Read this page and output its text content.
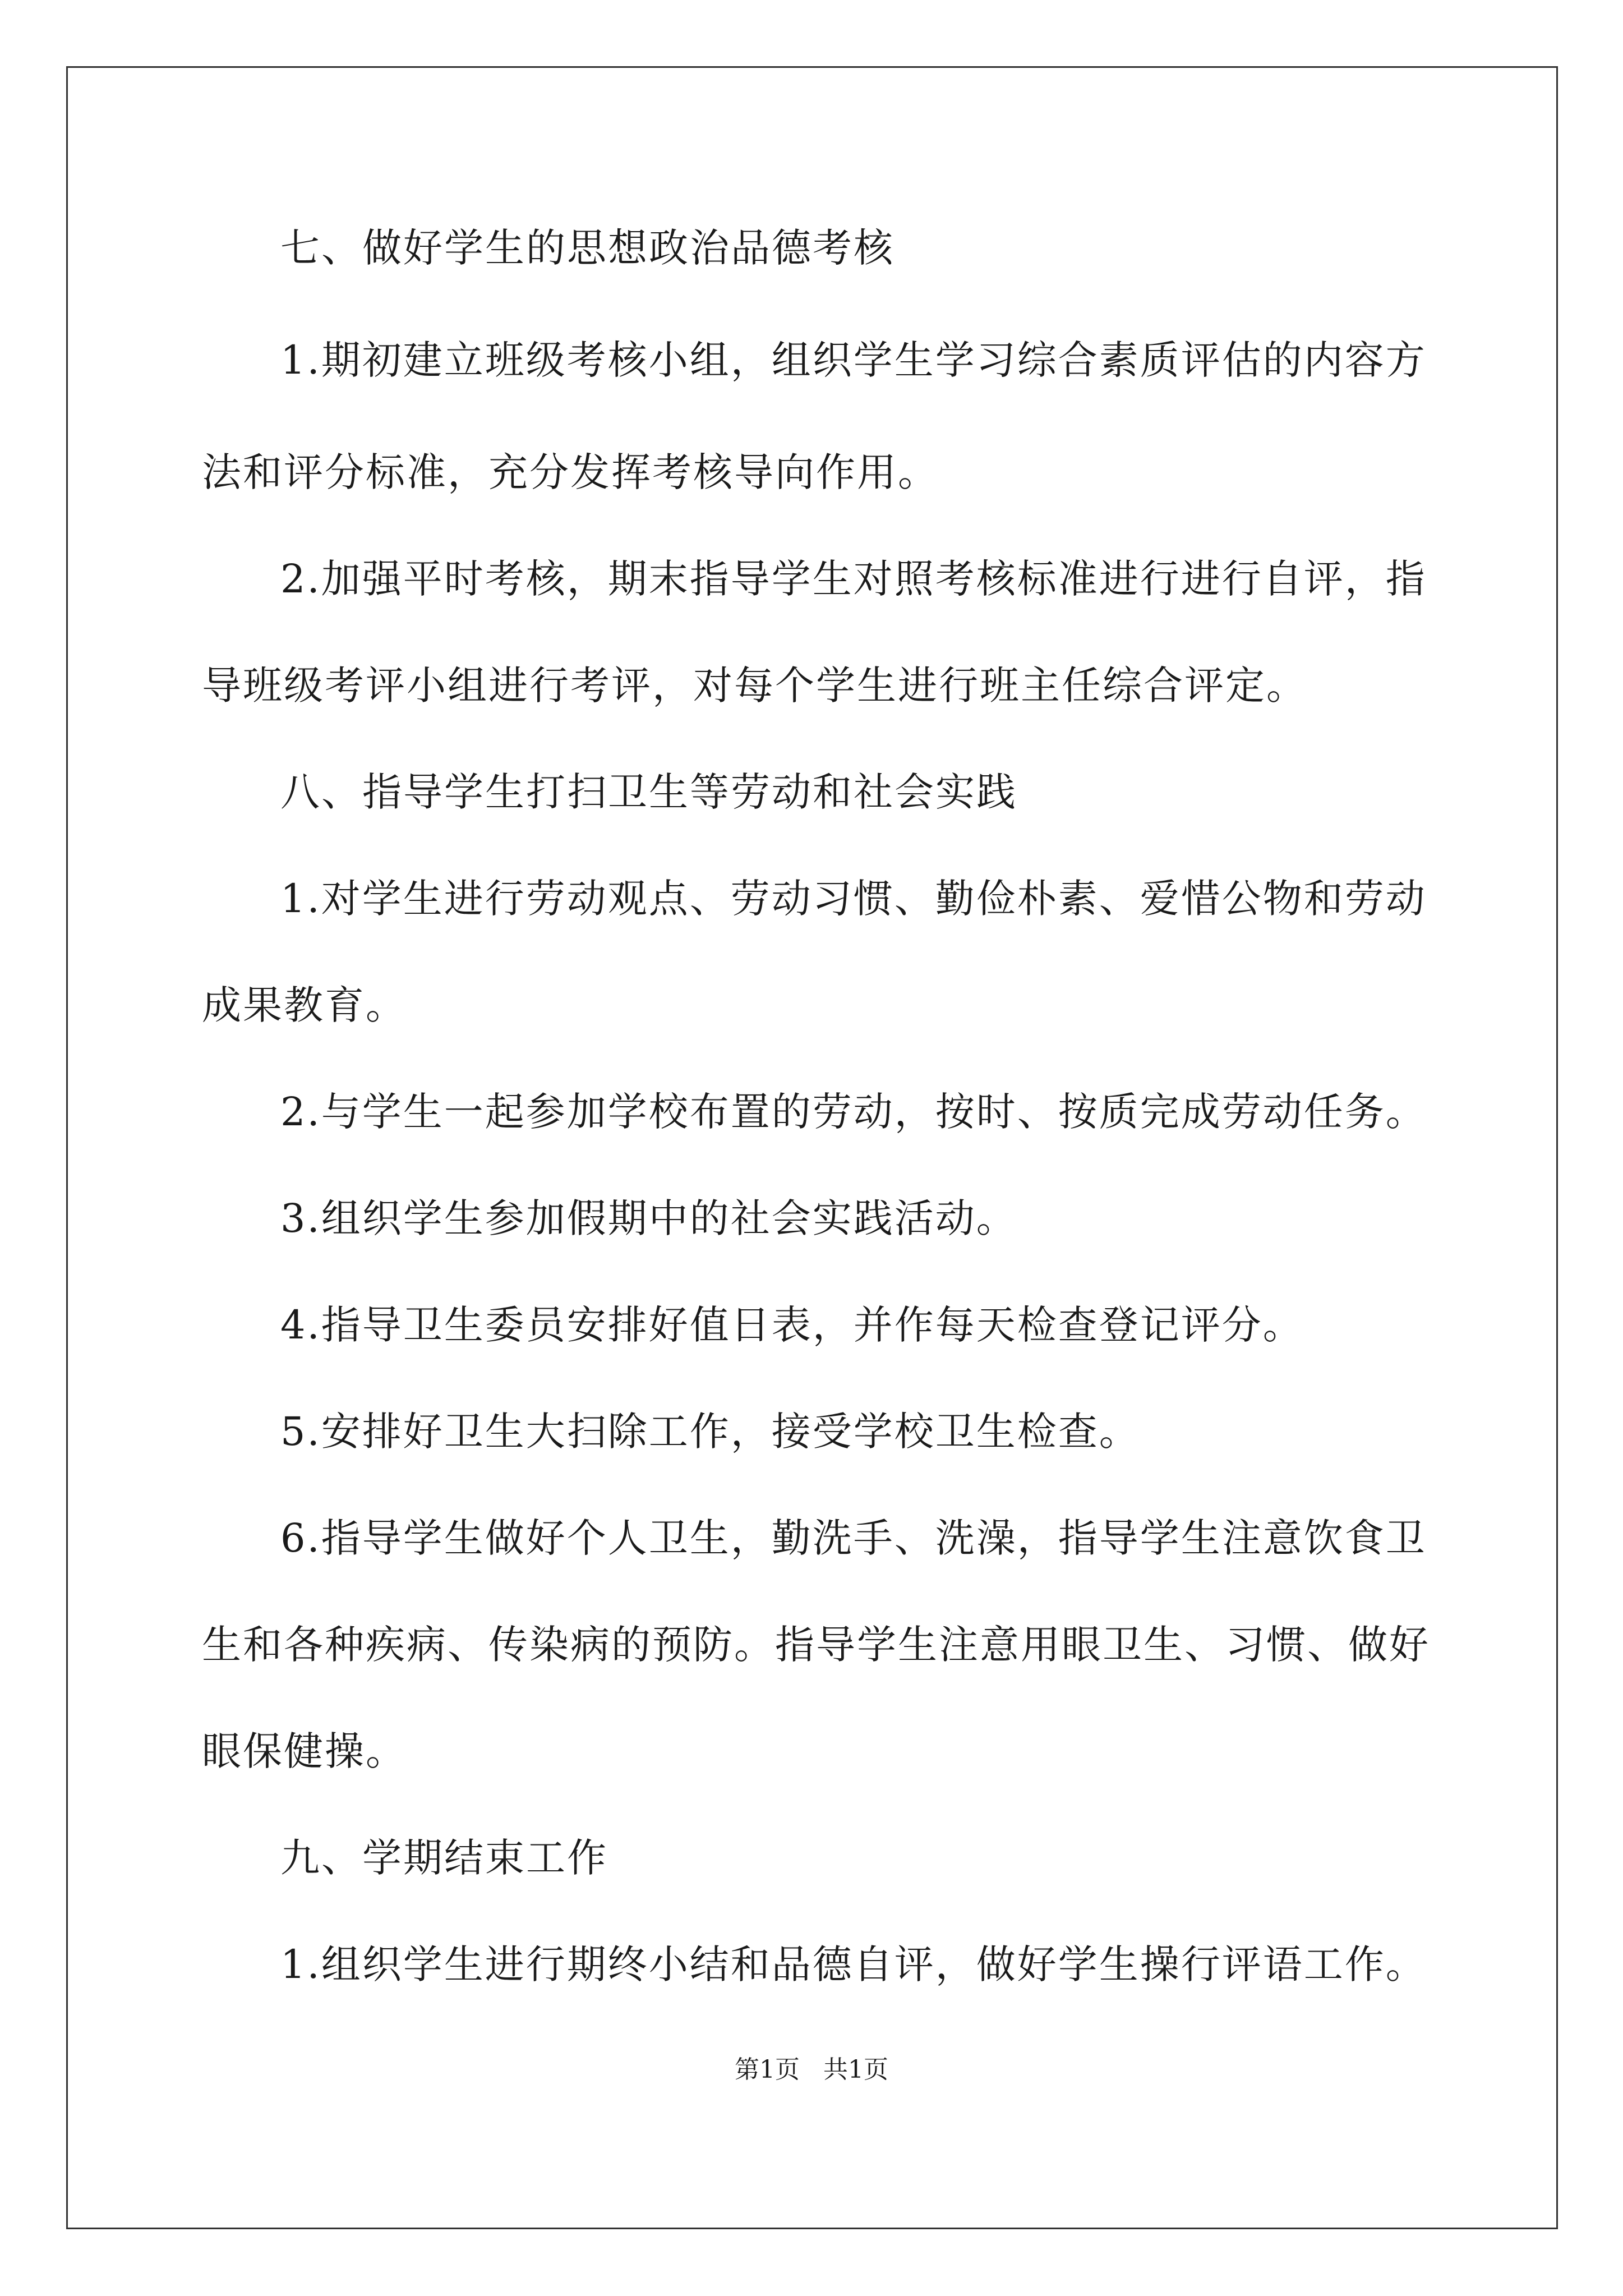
七、做好学生的思想政治品德考核
1.期初建立班级考核小组，组织学生学习综合素质评估的内容方
法和评分标准，充分发挥考核导向作用。
2.加强平时考核，期末指导学生对照考核标准进行进行自评，指
导班级考评小组进行考评，对每个学生进行班主任综合评定。
八、指导学生打扫卫生等劳动和社会实践
1.对学生进行劳动观点、劳动习惯、勤俭朴素、爱惜公物和劳动
成果教育。
2.与学生一起参加学校布置的劳动，按时、按质完成劳动任务。
3.组织学生参加假期中的社会实践活动。
4.指导卫生委员安排好值日表，并作每天检查登记评分。
5.安排好卫生大扫除工作，接受学校卫生检查。
6.指导学生做好个人卫生，勤洗手、洗澡，指导学生注意饮食卫
生和各种疾病、传染病的预防。指导学生注意用眼卫生、习惯、做好
眼保健操。
九、学期结束工作
1.组织学生进行期终小结和品德自评，做好学生操行评语工作。
第1页   共1页
